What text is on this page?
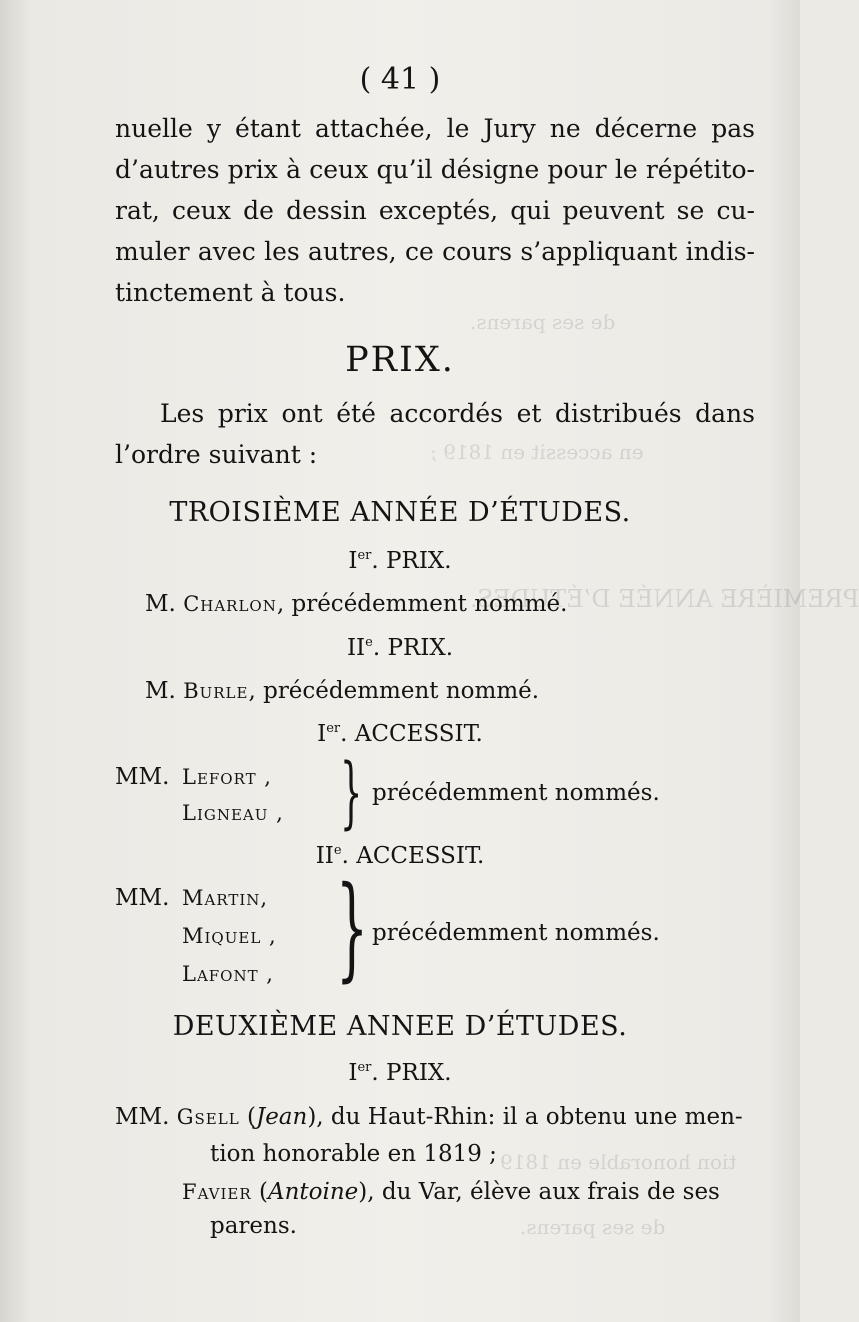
de ses parens.
en accessit en 1819 ;
PREMIÈRE ANNÉE D’ÉTUDES.
tion honorable en 1819
de ses parens.
( 41 )
nuelle y étant attachée, le Jury ne décerne pas
d’autres prix à ceux qu’il désigne pour le répétito-
rat, ceux de dessin exceptés, qui peuvent se cu-
muler avec les autres, ce cours s’appliquant indis-
tinctement à tous.
PRIX.
Les prix ont été accordés et distribués dans
l’ordre suivant :
TROISIÈME ANNÉE D’ÉTUDES.
Ier. PRIX.
M. Charlon, précédemment nommé.
IIe. PRIX.
M. Burle, précédemment nommé.
Ier. ACCESSIT.
MM. Lefort ,
Ligneau , } précédemment nommés.
IIe. ACCESSIT.
MM. Martin,
Miquel ,
Lafont , } précédemment nommés.
DEUXIÈME ANNEE D’ÉTUDES.
Ier. PRIX.
MM. Gsell (Jean), du Haut-Rhin: il a obtenu une men-
tion honorable en 1819 ;
Favier (Antoine), du Var, élève aux frais de ses
parens.
